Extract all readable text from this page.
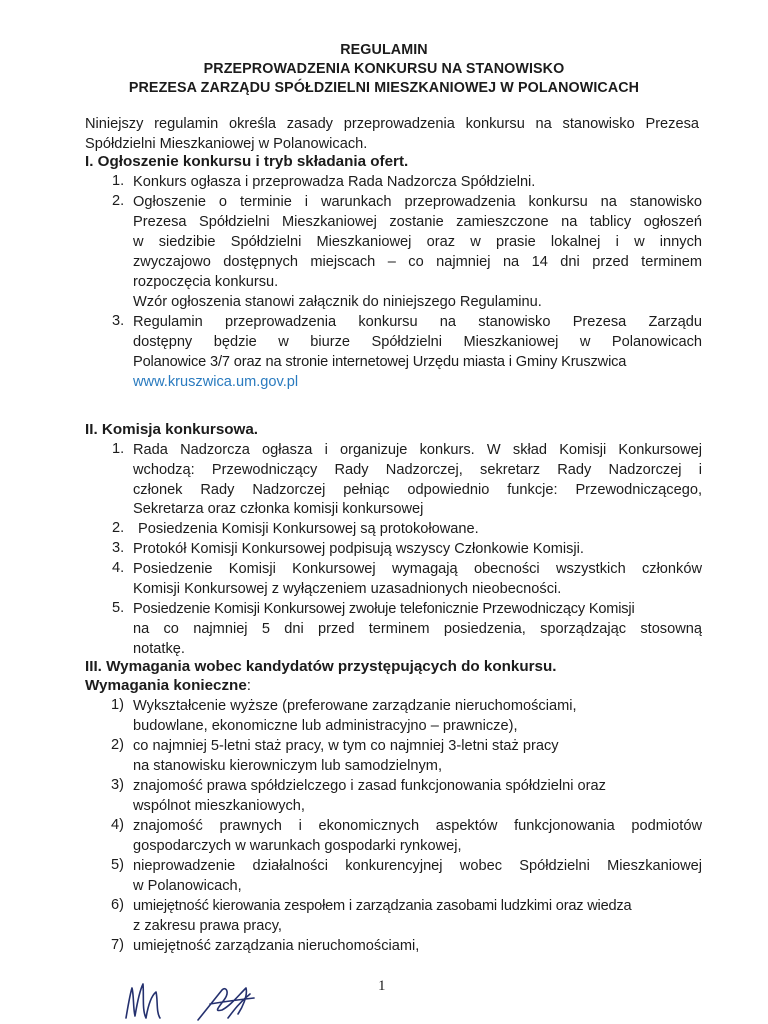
REGULAMIN
PRZEPROWADZENIA KONKURSU NA STANOWISKO
PREZESA ZARZĄDU SPÓŁDZIELNI MIESZKANIOWEJ W POLANOWICACH
Niniejszy regulamin określa zasady przeprowadzenia konkursu na stanowisko Prezesa
Spółdzielni Mieszkaniowej w Polanowicach.
I. Ogłoszenie konkursu i tryb składania ofert.
1. Konkurs ogłasza i przeprowadza Rada Nadzorcza Spółdzielni.
2. Ogłoszenie o terminie i warunkach przeprowadzenia konkursu na stanowisko
Prezesa Spółdzielni Mieszkaniowej zostanie zamieszczone na tablicy ogłoszeń
w siedzibie Spółdzielni Mieszkaniowej oraz w prasie lokalnej i w innych
zwyczajowo dostępnych miejscach – co najmniej na 14 dni przed terminem
rozpoczęcia konkursu.
Wzór ogłoszenia stanowi załącznik do niniejszego Regulaminu.
3. Regulamin przeprowadzenia konkursu na stanowisko Prezesa Zarządu
dostępny będzie w biurze Spółdzielni Mieszkaniowej w Polanowicach
Polanowice 3/7 oraz na stronie internetowej Urzędu miasta i Gminy Kruszwica
www.kruszwica.um.gov.pl
II. Komisja konkursowa.
1. Rada Nadzorcza ogłasza i organizuje konkurs. W skład Komisji Konkursowej
wchodzą: Przewodniczący Rady Nadzorczej, sekretarz Rady Nadzorczej i
członek Rady Nadzorczej pełniąc odpowiednio funkcje: Przewodniczącego,
Sekretarza oraz członka komisji konkursowej
2. Posiedzenia Komisji Konkursowej są protokołowane.
3. Protokół Komisji Konkursowej podpisują wszyscy Członkowie Komisji.
4. Posiedzenie Komisji Konkursowej wymagają obecności wszystkich członków
Komisji Konkursowej z wyłączeniem uzasadnionych nieobecności.
5. Posiedzenie Komisji Konkursowej zwołuje telefonicznie Przewodniczący Komisji
na co najmniej 5 dni przed terminem posiedzenia, sporządzając stosowną
notatkę.
III. Wymagania wobec kandydatów przystępujących do konkursu.
Wymagania konieczne:
1) Wykształcenie wyższe (preferowane zarządzanie nieruchomościami,
budowlane, ekonomiczne lub administracyjno – prawnicze),
2) co najmniej 5-letni staż pracy, w tym co najmniej 3-letni staż pracy
na stanowisku kierowniczym lub samodzielnym,
3) znajomość prawa spółdzielczego i zasad funkcjonowania spółdzielni oraz
wspólnot mieszkaniowych,
4) znajomość prawnych i ekonomicznych aspektów funkcjonowania podmiotów
gospodarczych w warunkach gospodarki rynkowej,
5) nieprowadzenie działalności konkurencyjnej wobec Spółdzielni Mieszkaniowej
w Polanowicach,
6) umiejętność kierowania zespołem i zarządzania zasobami ludzkimi oraz wiedza
z zakresu prawa pracy,
7) umiejętność zarządzania nieruchomościami,
1
